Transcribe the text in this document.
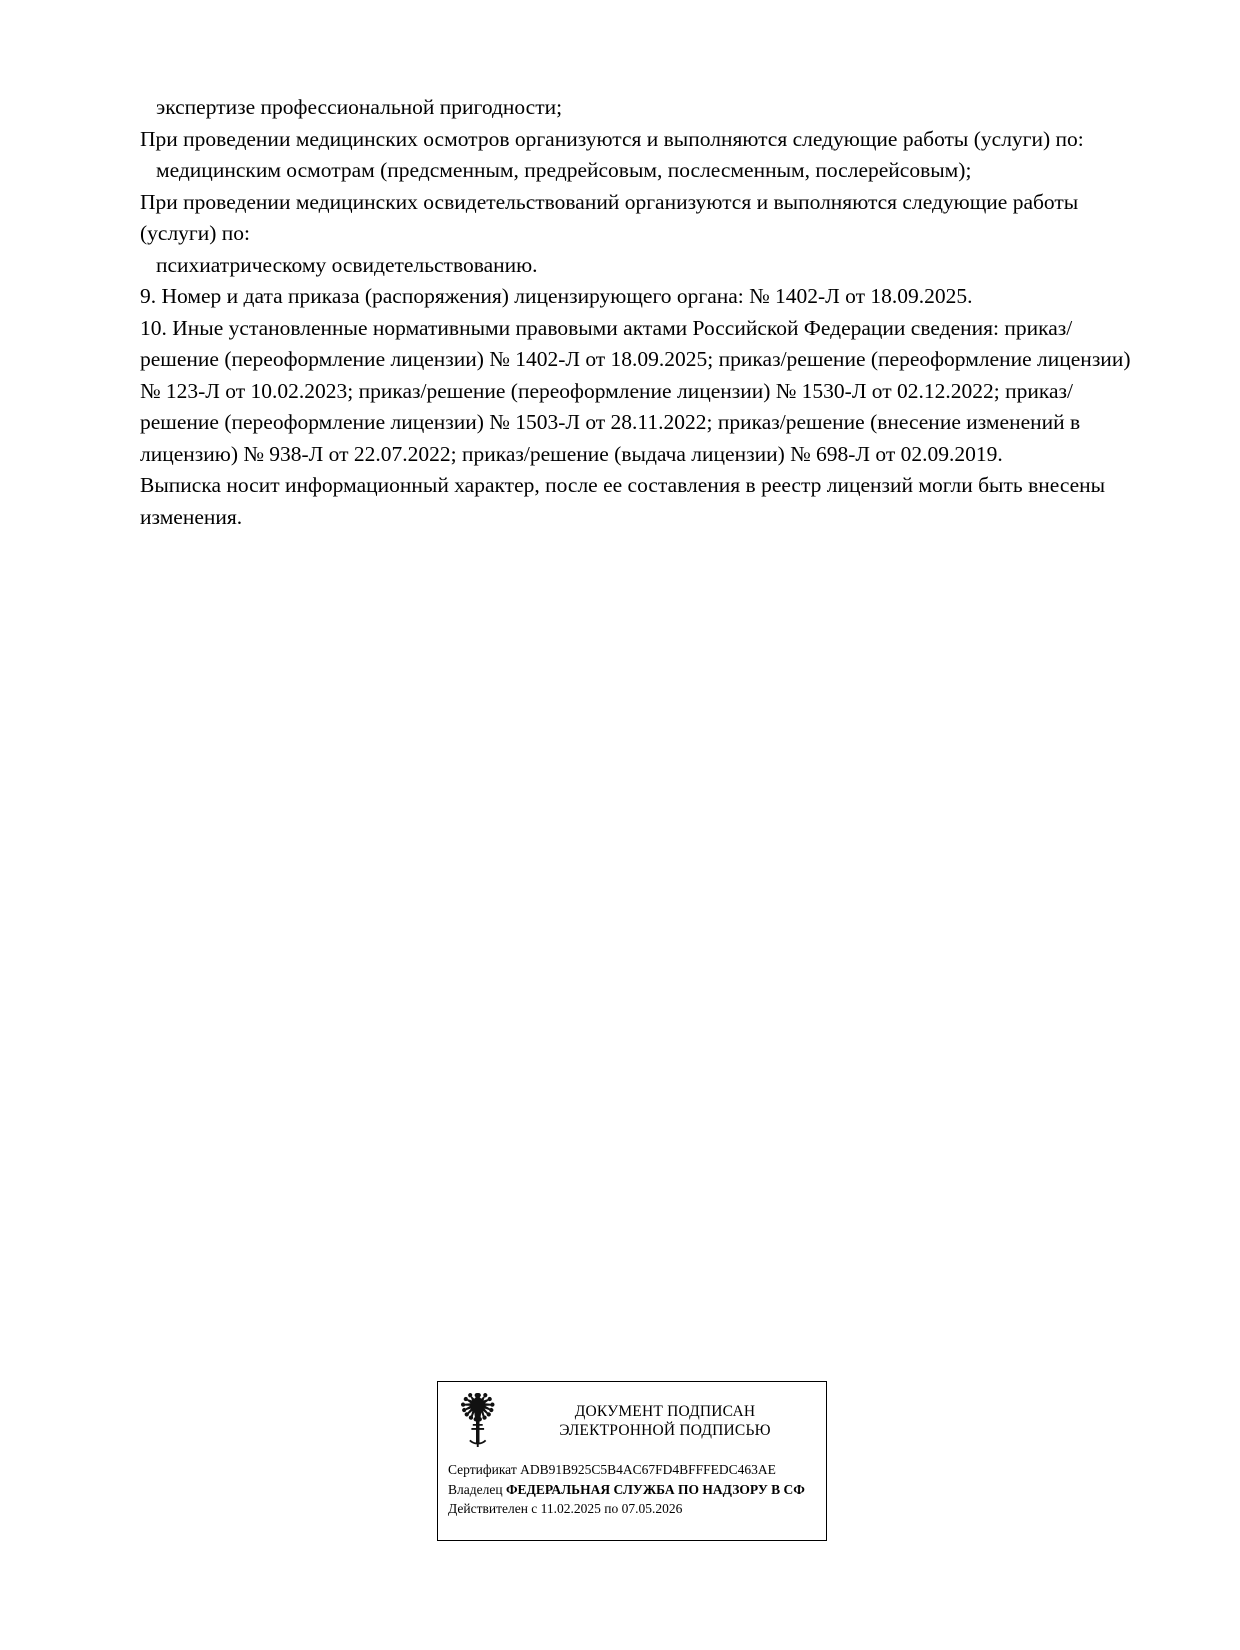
экспертизе профессиональной пригодности;

При проведении медицинских осмотров организуются и выполняются следующие работы (услуги) по:

медицинским осмотрам (предсменным, предрейсовым, послесменным, послерейсовым);

При проведении медицинских освидетельствований организуются и выполняются следующие работы (услуги) по:

психиатрическому освидетельствованию.

9. Номер и дата приказа (распоряжения) лицензирующего органа: № 1402-Л от 18.09.2025.

10. Иные установленные нормативными правовыми актами Российской Федерации сведения: приказ/решение (переоформление лицензии) № 1402-Л от 18.09.2025; приказ/решение (переоформление лицензии) № 123-Л от 10.02.2023; приказ/решение (переоформление лицензии) № 1530-Л от 02.12.2022; приказ/решение (переоформление лицензии) № 1503-Л от 28.11.2022; приказ/решение (внесение изменений в лицензию) № 938-Л от 22.07.2022; приказ/решение (выдача лицензии) № 698-Л от 02.09.2019.

Выписка носит информационный характер, после ее составления в реестр лицензий могли быть внесены изменения.

ДОКУМЕНТ ПОДПИСАН
ЭЛЕКТРОННОЙ ПОДПИСЬЮ
Сертификат ADB91B925C5B4AC67FD4BFFFEDC463AE
Владелец ФЕДЕРАЛЬНАЯ СЛУЖБА ПО НАДЗОРУ В СФ
Действителен с 11.02.2025 по 07.05.2026
